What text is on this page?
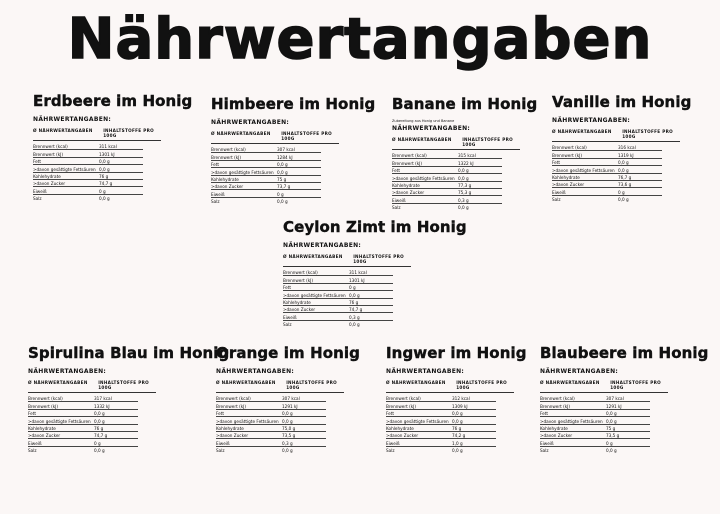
Nährwertangaben
Erdbeere im Honig
NÄHRWERTANGABEN:
Ø NÄHRWERTANGABEN	INHALTSTOFFE PRO 100G
Brennwert (kcal)	311 kcal
Brennwert (kJ)	1301 kJ
Fett	0,0 g
>davon gesättigte Fettsäuren 0,0 g
Kohlehydrate	76 g
>davon Zucker	74,7 g
Eiweiß	0 g
Salz	0,0 g
Himbeere im Honig
NÄHRWERTANGABEN:
Ø NÄHRWERTANGABEN	INHALTSTOFFE PRO 100G
Brennwert (kcal)	307 kcal
Brennwert (kJ)	1284 kJ
Fett	0,0 g
>davon gesättigte Fettsäuren 0,0 g
Kohlehydrate	75 g
>davon Zucker	73,7 g
Eiweiß	0 g
Salz	0,0 g
Banane im Honig
Zubereitung aus Honig und Banane
NÄHRWERTANGABEN:
Ø NÄHRWERTANGABEN	INHALTSTOFFE PRO 100G
Brennwert (kcal)	315 kcal
Brennwert (kJ)	1322 kJ
Fett	0,0 g
>davon gesättigte Fettsäuren 0,0 g
Kohlehydrate	77,3 g
>davon Zucker	75,3 g
Eiweiß	0,3 g
Salz	0,0 g
Vanille im Honig
NÄHRWERTANGABEN:
Ø NÄHRWERTANGABEN	INHALTSTOFFE PRO 100G
Brennwert (kcal)	316 kcal
Brennwert (kJ)	1319 kJ
Fett	0,0 g
>davon gesättigte Fettsäuren 0,0 g
Kohlehydrate	76,7 g
>davon Zucker	73,6 g
Eiweiß	0 g
Salz	0,0 g
Ceylon Zimt im Honig
NÄHRWERTANGABEN:
Ø NÄHRWERTANGABEN	INHALTSTOFFE PRO 100G
Brennwert (kcal)	311 kcal
Brennwert (kJ)	1301 kJ
Fett	0 g
>davon gesättigte Fettsäuren 0,0 g
Kohlehydrate	76 g
>davon Zucker	74,7 g
Eiweiß	0,3 g
Salz	0,0 g
Spirulina Blau im Honig
NÄHRWERTANGABEN:
Ø NÄHRWERTANGABEN	INHALTSTOFFE PRO 100G
Brennwert (kcal)	317 kcal
Brennwert (kJ)	1332 kJ
Fett	0,0 g
>davon gesättigte Fettsäuren 0,0 g
Kohlehydrate	76 g
>davon Zucker	74,7 g
Eiweiß	0 g
Salz	0,0 g
Orange im Honig
NÄHRWERTANGABEN:
Ø NÄHRWERTANGABEN	INHALTSTOFFE PRO 100G
Brennwert (kcal)	307 kcal
Brennwert (kJ)	1291 kJ
Fett	0,0 g
>davon gesättigte Fettsäuren 0,0 g
Kohlehydrate	75,0 g
>davon Zucker	73,5 g
Eiweiß	0,3 g
Salz	0,0 g
Ingwer im Honig
NÄHRWERTANGABEN:
Ø NÄHRWERTANGABEN	INHALTSTOFFE PRO 100G
Brennwert (kcal)	312 kcal
Brennwert (kJ)	1309 kJ
Fett	0,0 g
>davon gesättigte Fettsäuren 0,0 g
Kohlehydrate	76 g
>davon Zucker	74,2 g
Eiweiß	1,0 g
Salz	0,0 g
Blaubeere im Honig
NÄHRWERTANGABEN:
Ø NÄHRWERTANGABEN	INHALTSTOFFE PRO 100G
Brennwert (kcal)	307 kcal
Brennwert (kJ)	1291 kJ
Fett	0,0 g
>davon gesättigte Fettsäuren 0,0 g
Kohlehydrate	75 g
>davon Zucker	73,5 g
Eiweiß	0 g
Salz	0,0 g
